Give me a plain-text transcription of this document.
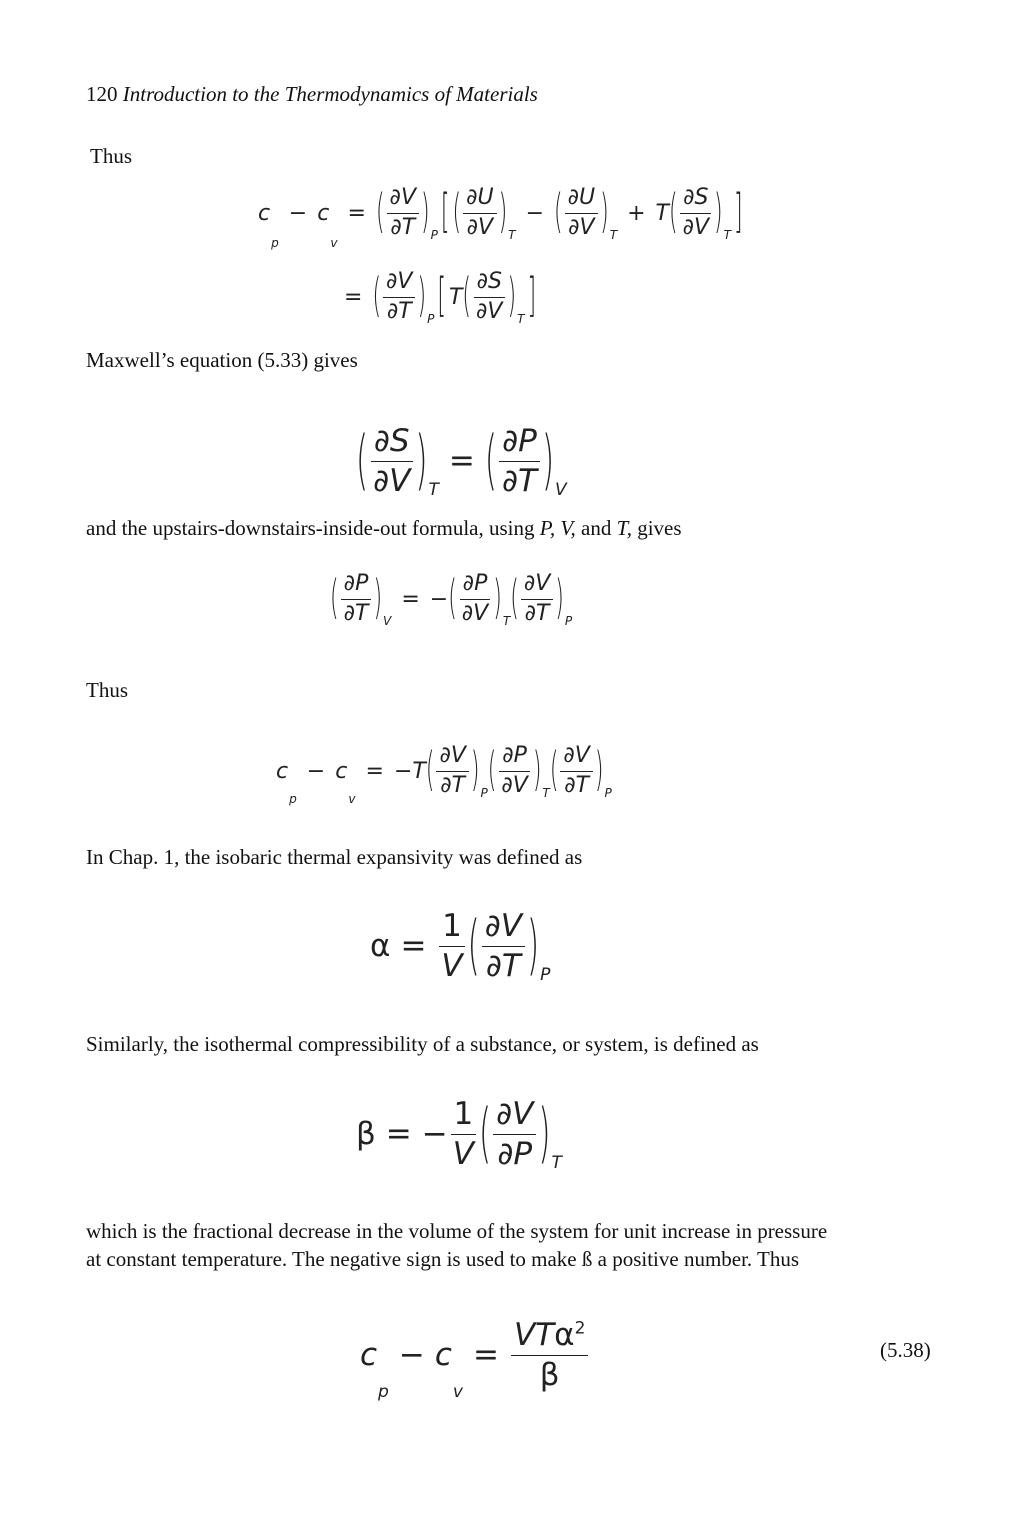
120 Introduction to the Thermodynamics of Materials
Thus
c
p
− c
v
= ( $\frac{\partial V}{\partial T}$ ) P [ ( $\frac{\partial U}{\partial V}$ ) T
− ( $\frac{\partial U}{\partial V}$ ) T
+ T ( $\frac{\partial S}{\partial V}$ ) T ]
= ( $\frac{\partial V}{\partial T}$ ) P [ T ( $\frac{\partial S}{\partial V}$ ) T ]
Maxwell’s equation (5.33) gives
( $\frac{\partial S}{\partial V}$ ) T
= ( $\frac{\partial P}{\partial T}$ ) V
and the upstairs-downstairs-inside-out formula, using P, V, and T, gives
( $\frac{\partial P}{\partial T}$ ) V
= − ( $\frac{\partial P}{\partial V}$ ) T ( $\frac{\partial V}{\partial T}$ ) P
Thus
c
p
− c
v
= − T ( $\frac{\partial V}{\partial T}$ ) P ( $\frac{\partial P}{\partial V}$ ) T ( $\frac{\partial V}{\partial T}$ ) P
In Chap. 1, the isobaric thermal expansivity was defined as
$\alpha = \frac{1}{V}$ ( $\frac{\partial V}{\partial T}$ ) P
Similarly, the isothermal compressibility of a substance, or system, is defined as
β = − $\frac{1}{V}$ ( $\frac{\partial V}{\partial P}$ ) T
which is the fractional decrease in the volume of the system for unit increase in pressure
at constant temperature. The negative sign is used to make ß a positive number. Thus
c
p
− c
v
= $\frac{VT\alpha^2}{\beta}$	(5.38)
